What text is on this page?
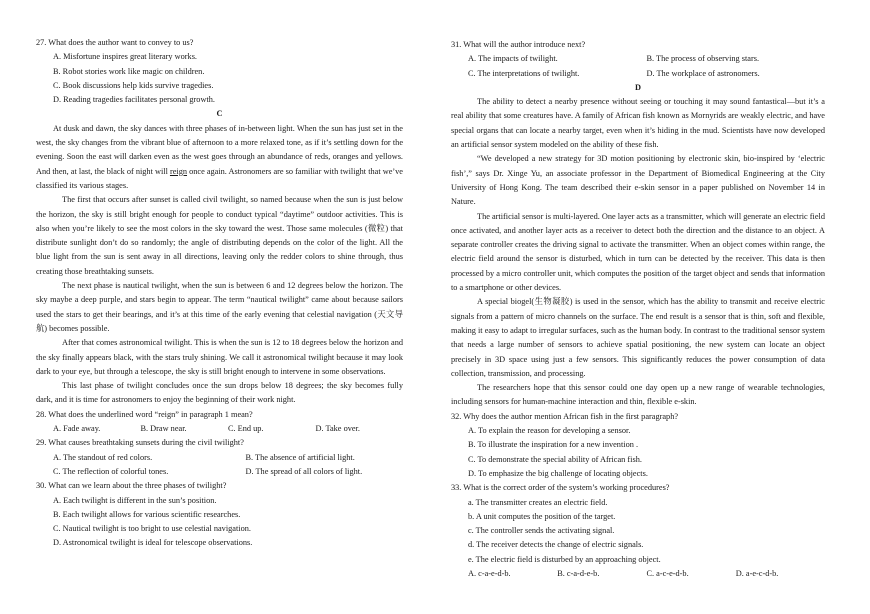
27. What does the author want to convey to us?

A. Misfortune inspires great literary works.

B. Robot stories work like magic on children.

C. Book discussions help kids survive tragedies.

D. Reading tragedies facilitates personal growth.

C

At dusk and dawn, the sky dances with three phases of in-between light. When the sun has just set in the west, the sky changes from the vibrant blue of afternoon to a more relaxed tone, as if it’s settling down for the evening. Soon the east will darken even as the west goes through an abundance of reds, oranges and yellows. And then, at last, the black of night will reign once again. Astronomers are so familiar with twilight that we’ve classified its various stages.

The first that occurs after sunset is called civil twilight, so named because when the sun is just below the horizon, the sky is still bright enough for people to conduct typical “daytime” outdoor activities. This is also when you’re likely to see the most colors in the sky toward the west. Those same molecules (微粒) that distribute sunlight don’t do so randomly; the angle of distributing depends on the color of the light. All the blue light from the sun is sent away in all directions, leaving only the redder colors to shine through, thus creating those breathtaking sunsets.

The next phase is nautical twilight, when the sun is between 6 and 12 degrees below the horizon. The sky maybe a deep purple, and stars begin to appear. The term “nautical twilight” came about because sailors used the stars to get their bearings, and it’s at this time of the early evening that celestial navigation (天文导航) becomes possible.

After that comes astronomical twilight. This is when the sun is 12 to 18 degrees below the horizon and the sky finally appears black, with the stars truly shining. We call it astronomical twilight because it may look dark to your eye, but through a telescope, the sky is still bright enough to intervene in some observations.

This last phase of twilight concludes once the sun drops below 18 degrees; the sky becomes fully dark, and it is time for astronomers to enjoy the beginning of their work night.

28. What does the underlined word “reign” in paragraph 1 mean?

A. Fade away.	B. Draw near.	C. End up.	D. Take over.

29. What causes breathtaking sunsets during the civil twilight?

A. The standout of red colors.	B. The absence of artificial light.
C. The reflection of colorful tones.	D. The spread of all colors of light.

30. What can we learn about the three phases of twilight?

A. Each twilight is different in the sun’s position.

B. Each twilight allows for various scientific researches.

C. Nautical twilight is too bright to use celestial navigation.

D. Astronomical twilight is ideal for telescope observations.

31. What will the author introduce next?

A. The impacts of twilight.	B. The process of observing stars.
C. The interpretations of twilight.	D. The workplace of astronomers.

D

The ability to detect a nearby presence without seeing or touching it may sound fantastical—but it’s a real ability that some creatures have. A family of African fish known as Mornyrids are weakly electric, and have special organs that can locate a nearby target, even when it’s hiding in the mud. Scientists have now developed an artificial sensor system modeled on the ability of these fish.

“We developed a new strategy for 3D motion positioning by electronic skin, bio-inspired by ‘electric fish’,” says Dr. Xinge Yu, an associate professor in the Department of Biomedical Engineering at the City University of Hong Kong. The team described their e-skin sensor in a paper published on November 14 in Nature.

The artificial sensor is multi-layered. One layer acts as a transmitter, which will generate an electric field once activated, and another layer acts as a receiver to detect both the direction and the distance to an object. A separate controller creates the driving signal to activate the transmitter. When an object comes within range, the electric field around the sensor is disturbed, which in turn can be detected by the receiver. This data is then processed by a micro controller unit, which computes the position of the target object and sends that information to a smartphone or other devices.

A special biogel(生物凝胶) is used in the sensor, which has the ability to transmit and receive electric signals from a pattern of micro channels on the surface. The end result is a sensor that is thin, soft and flexible, making it easy to adapt to irregular surfaces, such as the human body. In contrast to the traditional sensor system that needs a large number of sensors to achieve spatial positioning, the new system can locate an object precisely in 3D space using just a few sensors. This significantly reduces the power consumption of data collection, transmission, and processing.

The researchers hope that this sensor could one day open up a new range of wearable technologies, including sensors for human-machine interaction and thin, flexible e-skin.

32. Why does the author mention African fish in the first paragraph?

A. To explain the reason for developing a sensor.

B. To illustrate the inspiration for a new invention .

C. To demonstrate the special ability of African fish.

D. To emphasize the big challenge of locating objects.

33. What is the correct order of the system’s working procedures?

a. The transmitter creates an electric field.

b. A unit computes the position of the target.

c. The controller sends the activating signal.

d. The receiver detects the change of electric signals.

e. The electric field is disturbed by an approaching object.

A. c-a-e-d-b.	B. c-a-d-e-b.	C. a-c-e-d-b.	D. a-e-c-d-b.
